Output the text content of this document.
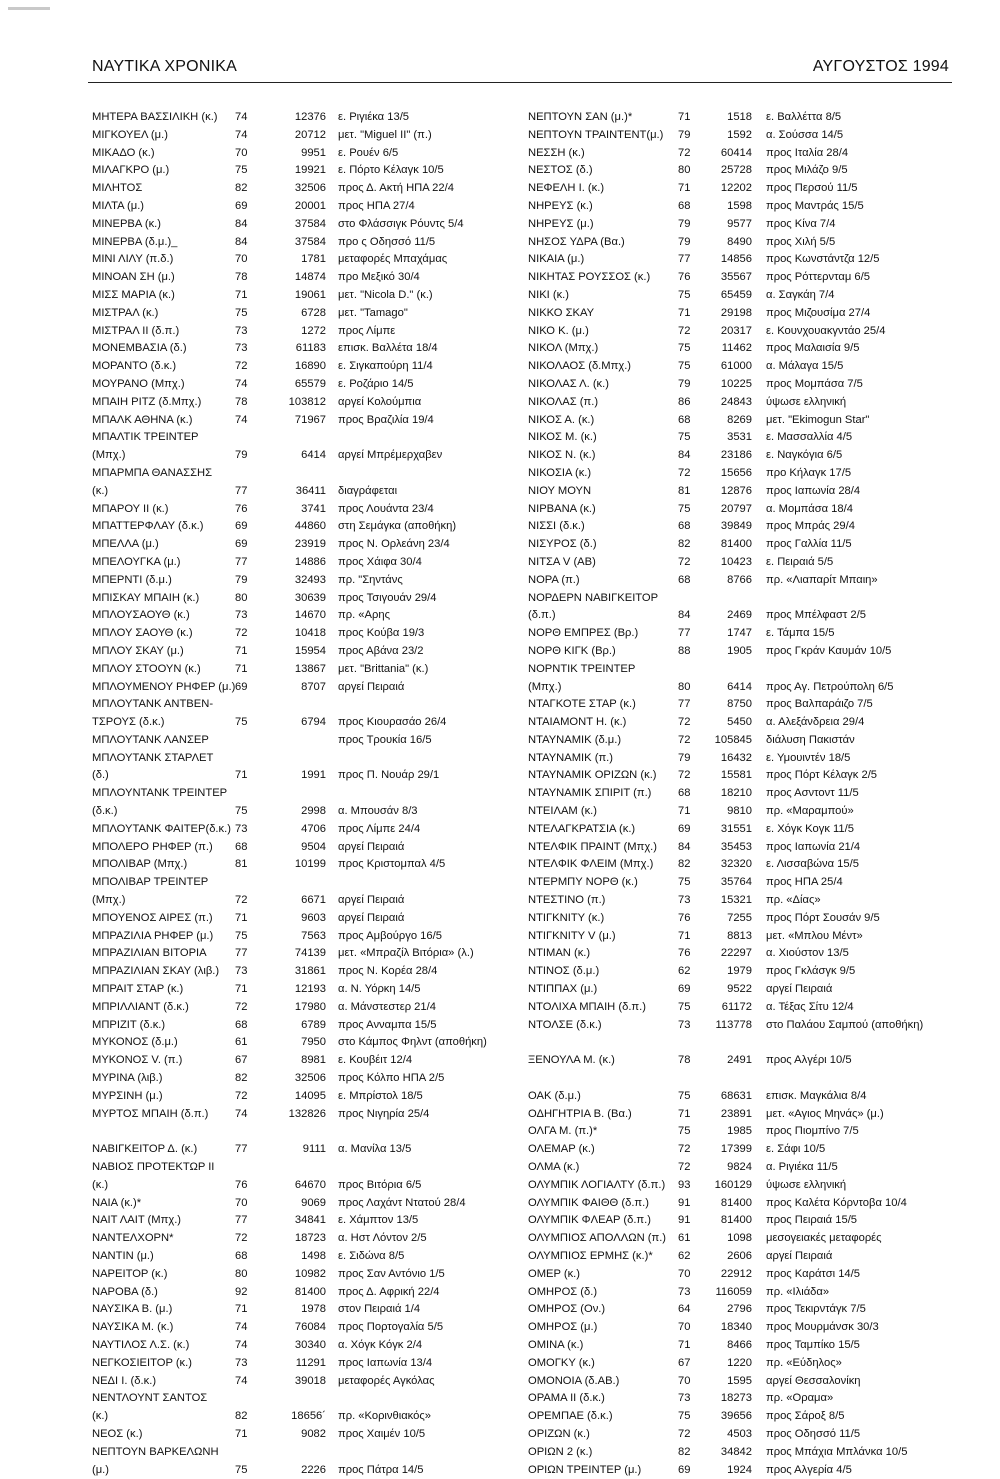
ΝΑΥΤΙΚΑ ΧΡΟΝΙΚΑ	ΑΥΓΟΥΣΤΟΣ 1994
ΜΗΤΕΡΑ ΒΑΣΣΙΛΙΚΗ (κ.) 74	12376 ε. Ριγιέκα 13/5
ΜΙΓΚΟΥΕΛ (μ.)	74	20712 μετ. "Miguel II" (π.)
ΜΙΚΑΔΟ (κ.)	70	9951 ε. Ρουέν 6/5
ΜΙΛΑΓΚΡΟ (μ.)	75	19921 ε. Πόρτο Κέλαγκ 10/5
ΜΙΛΗΤΟΣ	82	32506 προς Δ. Ακτή ΗΠΑ 22/4
ΜΙΛΤΑ (μ.)	69	20001 προς ΗΠΑ 27/4
ΜΙΝΕΡΒΑ (κ.)	84	37584 στο Φλάσσιγκ Ρόυντς 5/4
ΜΙΝΕΡΒΑ (δ.μ.)_	84	37584 προ ς Οδησσό 11/5
ΜΙΝΙ ΛΙΛΥ (π.δ.)	70	1781 μεταφορές Μπαχάμας
ΜΙΝΟΑΝ ΣΗ (μ.)	78	14874 προ Μεξικό 30/4
ΜΙΣΣ ΜΑΡΙΑ (κ.)	71	19061 μετ. "Nicola D." (κ.)
ΜΙΣΤΡΑΛ (κ.)	75	6728 μετ. "Tamago"
ΜΙΣΤΡΑΛ II (δ.π.)	73	1272 προς Λίμπε
ΜΟΝΕΜΒΑΣΙΑ (δ.)	73	61183 επισκ. Βαλλέτα 18/4
ΜΟΡΑΝΤΟ (δ.κ.)	72	16890 ε. Σιγκαπούρη 11/4
ΜΟΥΡΑΝΟ (Μπχ.)	74	65579 ε. Ροζάριο 14/5
ΜΠΑΙΗ ΡΙΤΖ (δ.Μπχ.)	78	103812 αργεί Κολούμπια
ΜΠΑΛΚ ΑΘΗΝΑ (κ.)	74	71967 προς Βραζιλία 19/4
ΜΠΑΛΤΙΚ ΤΡΕΙΝΤΕΡ
(Μπχ.)	79	6414 αργεί Μπρέμερχαβεν
ΜΠΑΡΜΠΑ ΘΑΝΑΣΣΗΣ
(κ.)	77	36411 διαγράφεται
ΜΠΑΡΟΥ II (κ.)	76	3741 προς Λουάντα 23/4
ΜΠΑΤΤΕΡΦΛΑΥ (δ.κ.)	69	44860 στη Σεμάγκα (αποθήκη)
ΜΠΕΛΛΑ (μ.)	69	23919 προς Ν. Ορλεάνη 23/4
ΜΠΕΛΟΥΓΚΑ (μ.)	77	14886 προς Χάιφα 30/4
ΜΠΕΡΝΤΙ (δ.μ.)	79	32493 πρ. "Σηντάνς
ΜΠΙΣΚΑΥ ΜΠΑΙΗ (κ.)	80	30639 προς Τσιγουάν 29/4
ΜΠΛΟΥΣΑΟΥΘ (κ.)	73	14670 πρ. «Αρης
ΜΠΛΟΥ ΣΑΟΥΘ (κ.)	72	10418 προς Κούβα 19/3
ΜΠΛΟΥ ΣΚΑΥ (μ.)	71	15954 προς Αβάνα 23/2
ΜΠΛΟΥ ΣΤΟΟΥΝ (κ.)	71	13867 μετ. "Brittania" (κ.)
ΜΠΛΟΥΜΕΝΟΥ ΡΗΦΕΡ (μ.) 69	8707 αργεί Πειραιά
ΜΠΛΟΥΤΑΝΚ ΑΝΤΒΕΝ-
ΤΣΡΟΥΣ (δ.κ.)	75	6794 προς Κιουρασάο 26/4
ΜΠΛΟΥΤΑΝΚ ΛΑΝΣΕΡ	προς Τρουκία 16/5
ΜΠΛΟΥΤΑΝΚ ΣΤΑΡΛΕΤ
(δ.)	71	1991 προς Π. Νουάρ 29/1
ΜΠΛΟΥΝΤΑΝΚ ΤΡΕΙΝΤΕΡ
(δ.κ.)	75	2998 α. Μπουσάν 8/3
ΜΠΛΟΥΤΑΝΚ ΦΑΙΤΕΡ(δ.κ.) 73	4706 προς Λίμπε 24/4
ΜΠΟΛΕΡΟ ΡΗΦΕΡ (π.) 68	9504 αργεί Πειραιά
ΜΠΟΛΙΒΑΡ (Μπχ.)	81	10199 προς Κριστομπαλ 4/5
ΜΠΟΛΙΒΑΡ ΤΡΕΙΝΤΕΡ
(Μπχ.)	72	6671 αργεί Πειραιά
ΜΠΟΥΕΝΟΣ ΑΙΡΕΣ (π.) 71	9603 αργεί Πειραιά
ΜΠΡΑΖΙΛΙΑ ΡΗΦΕΡ (μ.) 75	7563 προς Αμβούργο 16/5
ΜΠΡΑΖΙΛΙΑΝ ΒΙΤΟΡΙΑ	77	74139 μετ. «Μπραζίλ Βιτόρια» (λ.)
ΜΠΡΑΖΙΛΙΑΝ ΣΚΑΥ (λιβ.) 73	31861 προς Ν. Κορέα 28/4
ΜΠΡΑΙΤ ΣΤΑΡ (κ.)	71	12193 α. Ν. Υόρκη 14/5
ΜΠΡΙΛΛΙΑΝΤ (δ.κ.)	72	17980 α. Μάνστεστερ 21/4
ΜΠΡΙΖΙΤ (δ.κ.)	68	6789 προς Ανναμπα 15/5
ΜΥΚΟΝΟΣ (δ.μ.)	61	7950 στο Κάμπος Φηλντ (αποθήκη)
ΜΥΚΟΝΟΣ V. (π.)	67	8981 ε. Κουβέιτ 12/4
ΜΥΡΙΝΑ (λιβ.)	82	32506 προς Κόλπο ΗΠΑ 2/5
ΜΥΡΣΙΝΗ (μ.)	72	14095 ε. Μπρίστολ 18/5
ΜΥΡΤΟΣ ΜΠΑΙΗ (δ.π.) 74	132826 προς Νιγηρία 25/4
ΝΑΒΙΓΚΕΙΤΟΡ Δ. (κ.)	77	9111 α. Μανίλα 13/5
ΝΑΒΙΟΣ ΠΡΟΤΕΚΤΩΡ II
(κ.)	76	64670 προς Βιτόρια 6/5
ΝΑΙΑ (κ.)*	70	9069 προς Λαχάντ Ντατού 28/4
ΝΑΙΤ ΛΑΙΤ (Μπχ.)	77	34841 ε. Χάμπτον 13/5
ΝΑΝΤΕΛΧΟΡΝ*	72	18723 α. Ηστ Λόντον 2/5
ΝΑΝΤΙΝ (μ.)	68	1498 ε. Σιδώνα 8/5
ΝΑΡΕΙΤΟΡ (κ.)	80	10982 προς Σαν Αντόνιο 1/5
ΝΑΡΟΒΑ (δ.)	92	81400 προς Δ. Αφρική 22/4
ΝΑΥΣΙΚΑ Β. (μ.)	71	1978 στον Πειραιά 1/4
ΝΑΥΣΙΚΑ Μ. (κ.)	74	76084 προς Πορτογαλία 5/5
ΝΑΥΤΙΛΟΣ Λ.Σ. (κ.)	74	30340 α. Χόγκ Κόγκ 2/4
ΝΕΓΚΟΣΙΕΙΤΟΡ (κ.)	73	11291 προς Ιαπωνία 13/4
ΝΕΔΙ Ι. (δ.κ.)	74	39018 μεταφορές Αγκόλας
ΝΕΝΤΛΟΥΝΤ ΣΑΝΤΟΣ
(κ.)	82	18656´ πρ. «Κορινθιακός»
ΝΕΟΣ (κ.)	71	9082 προς Χαιμέν 10/5
ΝΕΠΤΟΥΝ ΒΑΡΚΕΛΩΝΗ
(μ.)	75	2226 προς Πάτρα 14/5
ΝΕΠΤΟΥΝ ΣΑΝ (μ.)*	71	1518 ε. Βαλλέττα 8/5
ΝΕΠΤΟΥΝ ΤΡΑΙΝΤΕΝΤ(μ.) 79	1592 α. Σούσσα 14/5
ΝΕΣΣΗ (κ.)	72	60414 προς Ιταλία 28/4
ΝΕΣΤΟΣ (δ.)	80	25728 προς Μιλάζο 9/5
ΝΕΦΕΛΗ Ι. (κ.)	71	12202 προς Περσού 11/5
ΝΗΡΕΥΣ (κ.)	68	1598 προς Μαντράς 15/5
ΝΗΡΕΥΣ (μ.)	79	9577 προς Κίνα 7/4
ΝΗΣΟΣ ΥΔΡΑ (Βα.)	79	8490 προς Χιλή 5/5
ΝΙΚΑΙΑ (μ.)	77	14856 προς Κωνστάντζα 12/5
ΝΙΚΗΤΑΣ ΡΟΥΣΣΟΣ (κ.) 76	35567 προς Ρόττερνταμ 6/5
ΝΙΚΙ (κ.)	75	65459 α. Σαγκάη 7/4
ΝΙΚΚΟ ΣΚΑΥ	71	29198 προς Μιζουσίμα 27/4
ΝΙΚΟ Κ. (μ.)	72	20317 ε. Κουνχουακγντάο 25/4
ΝΙΚΟΛ (Μπχ.)	75	11462 προς Μαλαισία 9/5
ΝΙΚΟΛΑΟΣ (δ.Μπχ.)	75	61000 α. Μάλαγα 15/5
ΝΙΚΟΛΑΣ Λ. (κ.)	79	10225 προς Μομπάσα 7/5
ΝΙΚΟΛΑΣ (π.)	86	24843 ύψωσε ελληνική
ΝΙΚΟΣ Α. (κ.)	68	8269 μετ. "Ekimogun Star"
ΝΙΚΟΣ Μ. (κ.)	75	3531 ε. Μασσαλλία 4/5
ΝΙΚΟΣ Ν. (κ.)	84	23186 ε. Ναγκόγια 6/5
ΝΙΚΟΣΙΑ (κ.)	72	15656 προ Κήλαγκ 17/5
ΝΙΟΥ ΜΟΥΝ	81	12876 προς Ιαπωνία 28/4
ΝΙΡΒΑΝΑ (κ.)	75	20797 α. Μομπάσα 18/4
ΝΙΣΣΙ (δ.κ.)	68	39849 προς Μπράς 29/4
ΝΙΣΥΡΟΣ (δ.)	82	81400 προς Γαλλία 11/5
ΝΙΤΣΑ V (ΑΒ)	72	10423 ε. Πειραιά 5/5
ΝΟΡΑ (π.)	68	8766 πρ. «Λιαπαρίτ Μπαιη»
ΝΟΡΔΕΡΝ ΝΑΒΙΓΚΕΙΤΟΡ
(δ.π.)	84	2469 προς Μπέλφαστ 2/5
ΝΟΡΘ ΕΜΠΡΕΣ (Βρ.)	77	1747 ε. Τάμπα 15/5
ΝΟΡΘ ΚΙΓΚ (Βρ.)	88	1905 προς Γκράν Καυμάν 10/5
ΝΟΡΝΤΙΚ ΤΡΕΙΝΤΕΡ
(Μπχ.)	80	6414 προς Αγ. Πετρούπολη 6/5
ΝΤΑΓΚΟΤΕ ΣΤΑΡ (κ.)	77	8750 προς Βαλπαράιζο 7/5
ΝΤΑΙΑΜΟΝΤ Η. (κ.)	72	5450 α. Αλεξάνδρεια 29/4
ΝΤΑΥΝΑΜΙΚ (δ.μ.)	72	105845 διάλυση Πακιστάν
ΝΤΑΥΝΑΜΙΚ (π.)	79	16432 ε. Υμουιντέν 18/5
ΝΤΑΥΝΑΜΙΚ ΟΡΙΖΩΝ (κ.) 72	15581 προς Πόρτ Κέλαγκ 2/5
ΝΤΑΥΝΑΜΙΚ ΣΠΙΡΙΤ (π.) 68	18210 προς Ασντοντ 11/5
ΝΤΕΙΛΑΜ (κ.)	71	9810 πρ. «Μαραμπού»
ΝΤΕΛΑΓΚΡΑΤΣΙΑ (κ.)	69	31551 ε. Χόγκ Κογκ 11/5
ΝΤΕΛΦΙΚ ΠΡΑΙΝΤ (Μπχ.) 84	35453 προς Ιαπωνία 21/4
ΝΤΕΛΦΙΚ ΦΛΕΙΜ (Μπχ.) 82	32320 ε. Λισσαβώνα 15/5
ΝΤΕΡΜΠΥ ΝΟΡΘ (κ.)	75	35764 προς ΗΠΑ 25/4
ΝΤΕΣΤΙΝΟ (π.)	73	15321 πρ. «Δίας»
ΝΤΙΓΚΝΙΤΥ (κ.)	76	7255 προς Πόρτ Σουσάν 9/5
ΝΤΙΓΚΝΙΤΥ V (μ.)	71	8813 μετ. «Μπλου Μέντ»
ΝΤΙΜΑΝ (κ.)	76	22297 α. Χιούστον 13/5
ΝΤΙΝΟΣ (δ.μ.)	62	1979 προς Γκλάσγκ 9/5
ΝΤΙΠΠΑΧ (μ.)	69	9522 αργεί Πειραιά
ΝΤΟΛΙΧΑ ΜΠΑΙΗ (δ.π.)	75	61172 α. Τέξας Σίτυ 12/4
ΝΤΟΛΣΕ (δ.κ.)	73	113778 στο Παλάου Σαμπού (αποθήκη)
ΞΕΝΟΥΛΑ Μ. (κ.)	78	2491 προς Αλγέρι 10/5
ΟΑΚ (δ.μ.)	75	68631 επισκ. Μαγκάλια 8/4
ΟΔΗΓΗΤΡΙΑ Β. (Βα.)	71	23891 μετ. «Αγιος Μηνάς» (μ.)
ΟΛΓΑ Μ. (π.)*	75	1985 προς Πιομπίνο 7/5
ΟΛΕΜΑΡ (κ.)	72	17399 ε. Σάφι 10/5
ΟΛΜΑ (κ.)	72	9824 α. Ριγιέκα 11/5
ΟΛΥΜΠΙΚ ΛΟΓΙΑΛΤΥ (δ.π.) 93	160129 ύψωσε ελληνική
ΟΛΥΜΠΙΚ ΦΑΙΘΘ (δ.π.)	91	81400 προς Καλέτα Κόρντοβα 10/4
ΟΛΥΜΠΙΚ ΦΛΕΑΡ (δ.π.) 91	81400 προς Πειραιά 15/5
ΟΛΥΜΠΙΟΣ ΑΠΟΛΛΩΝ (π.) 61	1098 μεσογειακές μεταφορές
ΟΛΥΜΠΙΟΣ ΕΡΜΗΣ (κ.)* 62	2606 αργεί Πειραιά
ΟΜΕΡ (κ.)	70	22912 προς Καράτσι 14/5
ΟΜΗΡΟΣ (δ.)	73	116059 πρ. «Ιλιάδα»
ΟΜΗΡΟΣ (Ον.)	64	2796 προς Τεκιρντάγκ 7/5
ΟΜΗΡΟΣ (μ.)	70	18340 προς Μουρμάνσκ 30/3
ΟΜΙΝΑ (κ.)	71	8466 προς Ταμπίκο 15/5
ΟΜΟΓΚΥ (κ.)	67	1220 πρ. «Εύδηλος»
ΟΜΟΝΟΙΑ (δ.ΑΒ.)	70	1595 αργεί Θεσσαλονίκη
ΟΡΑΜΑ ΙΙ (δ.κ.)	73	18273 πρ. «Οραμα»
ΟΡΕΜΠΑΕ (δ.κ.)	75	39656 προς Σάροξ 8/5
ΟΡΙΖΩΝ (κ.)	72	4503 προς Οδησσό 11/5
ΟΡΙΩΝ 2 (κ.)	82	34842 προς Μπάχια Μπλάνκα 10/5
ΟΡΙΩΝ ΤΡΕΙΝΤΕΡ (μ.)	69	1924 προς Αλγερία 4/5
